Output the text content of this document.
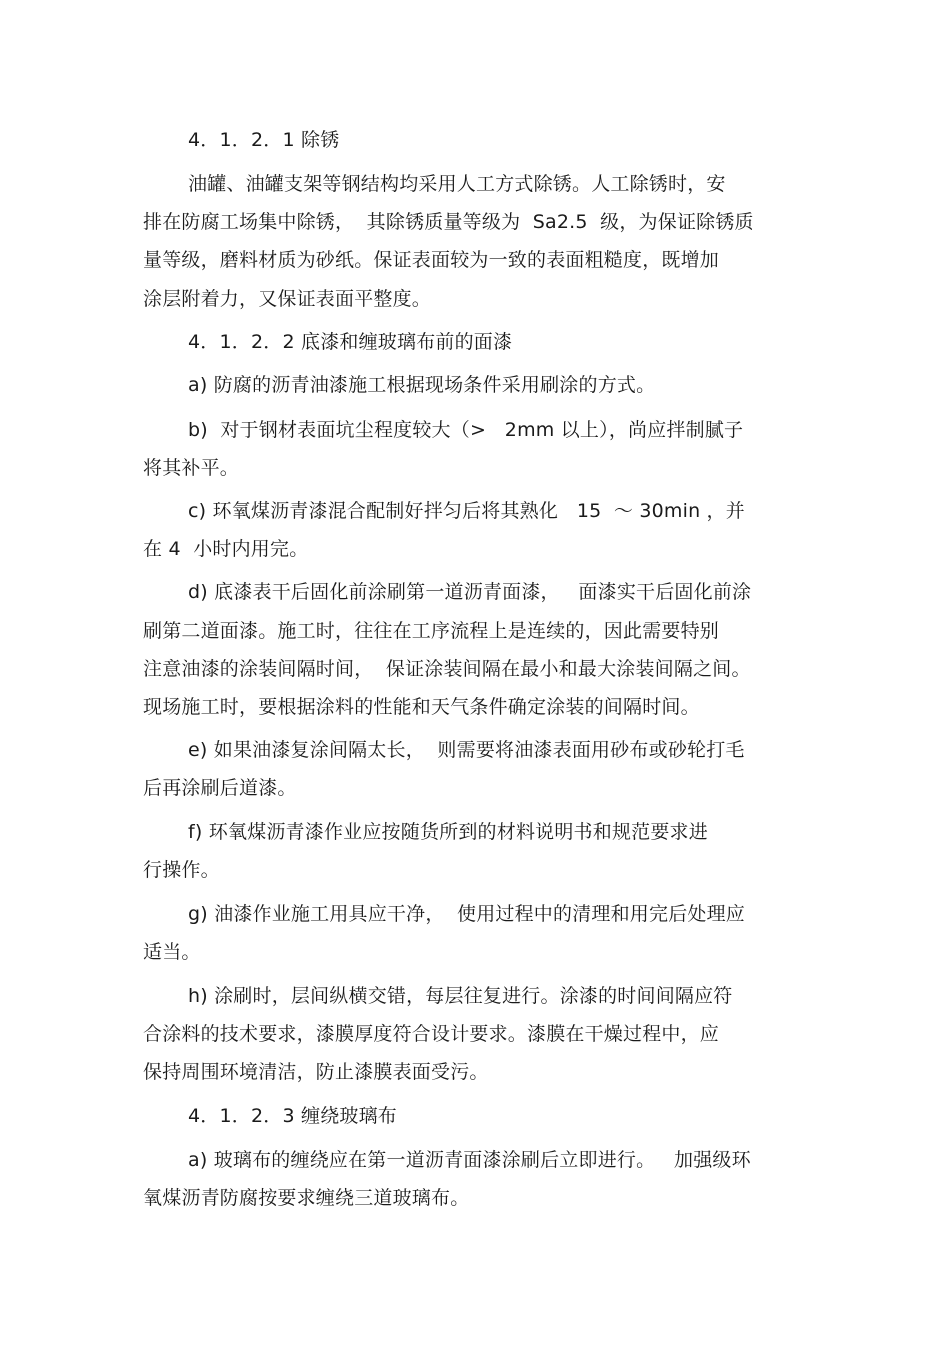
4．1．2．1 除锈
油罐、油罐支架等钢结构均采用人工方式除锈。人工除锈时，安
排在防腐工场集中除锈，  其除锈质量等级为  Sa2.5  级，为保证除锈质
量等级，磨料材质为砂纸。保证表面较为一致的表面粗糙度，既增加
涂层附着力，又保证表面平整度。
4．1．2．2 底漆和缠玻璃布前的面漆
a) 防腐的沥青油漆施工根据现场条件采用刷涂的方式。
b)  对于钢材表面坑尘程度较大（>   2mm 以上），尚应拌制腻子
将其补平。
c) 环氧煤沥青漆混合配制好拌匀后将其熟化   15  ～ 30min ，并
在 4  小时内用完。
d) 底漆表干后固化前涂刷第一道沥青面漆，   面漆实干后固化前涂
刷第二道面漆。施工时，往往在工序流程上是连续的，因此需要特别
注意油漆的涂装间隔时间，  保证涂装间隔在最小和最大涂装间隔之间。
现场施工时，要根据涂料的性能和天气条件确定涂装的间隔时间。
e) 如果油漆复涂间隔太长，  则需要将油漆表面用砂布或砂轮打毛
后再涂刷后道漆。
f) 环氧煤沥青漆作业应按随货所到的材料说明书和规范要求进
行操作。
g) 油漆作业施工用具应干净，  使用过程中的清理和用完后处理应
适当。
h) 涂刷时，层间纵横交错，每层往复进行。涂漆的时间间隔应符
合涂料的技术要求，漆膜厚度符合设计要求。漆膜在干燥过程中，应
保持周围环境清洁，防止漆膜表面受污。
4．1．2．3 缠绕玻璃布
a) 玻璃布的缠绕应在第一道沥青面漆涂刷后立即进行。   加强级环
氧煤沥青防腐按要求缠绕三道玻璃布。
